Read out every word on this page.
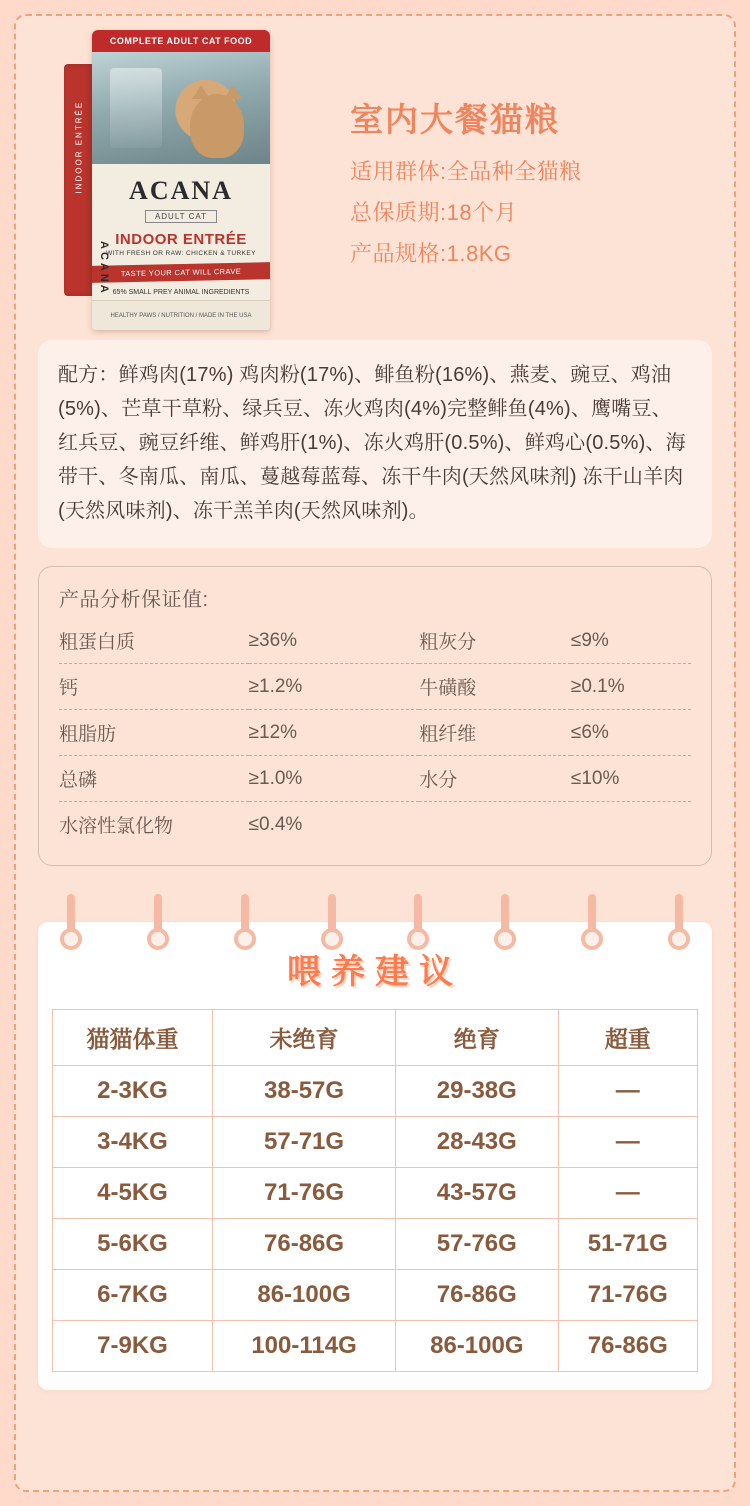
INDOOR ENTRÉE
COMPLETE ADULT CAT FOOD
ACANA
ADULT CAT
INDOOR ENTRÉE
WITH FRESH OR RAW: CHICKEN & TURKEY
TASTE YOUR CAT WILL CRAVE
65% SMALL PREY ANIMAL INGREDIENTS
HEALTHY PAWS / NUTRITION / MADE IN THE USA
ACANA
室内大餐猫粮
适用群体:全品种全猫粮
总保质期:18个月
产品规格:1.8KG
配方：鲜鸡肉(17%) 鸡肉粉(17%)、鲱鱼粉(16%)、燕麦、豌豆、鸡油(5%)、芒草干草粉、绿兵豆、冻火鸡肉(4%)完整鲱鱼(4%)、鹰嘴豆、红兵豆、豌豆纤维、鲜鸡肝(1%)、冻火鸡肝(0.5%)、鲜鸡心(0.5%)、海带干、冬南瓜、南瓜、蔓越莓蓝莓、冻干牛肉(天然风味剂) 冻干山羊肉(天然风味剂)、冻干羔羊肉(天然风味剂)。
产品分析保证值:
粗蛋白质	≥36%	粗灰分	≤9%
钙	≥1.2%	牛磺酸	≥0.1%
粗脂肪	≥12%	粗纤维	≤6%
总磷	≥1.0%	水分	≤10%
水溶性氯化物	≤0.4%		
喂养建议
猫猫体重	未绝育	绝育	超重
2-3KG	38-57G	29-38G	—
3-4KG	57-71G	28-43G	—
4-5KG	71-76G	43-57G	—
5-6KG	76-86G	57-76G	51-71G
6-7KG	86-100G	76-86G	71-76G
7-9KG	100-114G	86-100G	76-86G
